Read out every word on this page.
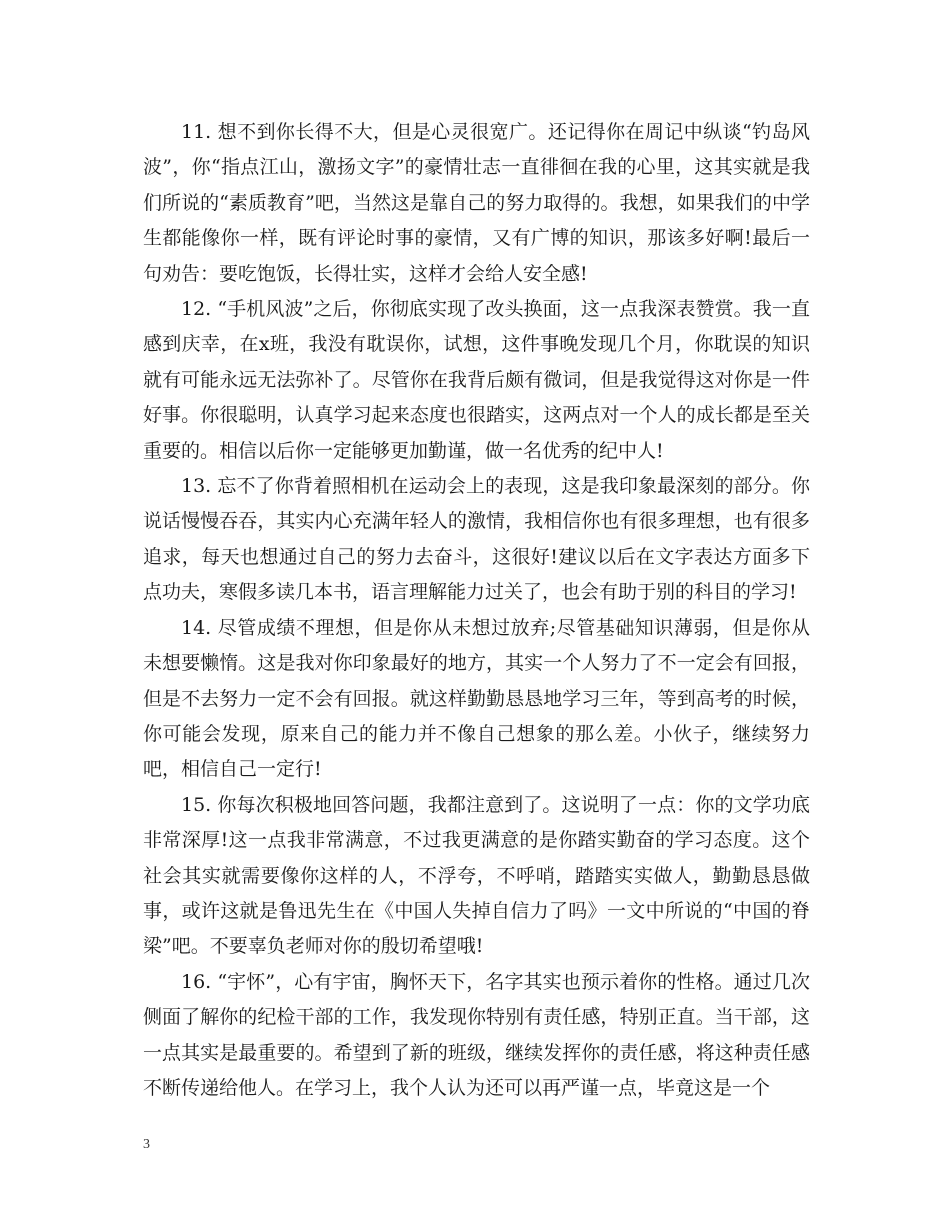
11. 想不到你长得不大，但是心灵很宽广。还记得你在周记中纵谈“钓岛风波”，你“指点江山，激扬文字”的豪情壮志一直徘徊在我的心里，这其实就是我们所说的“素质教育”吧，当然这是靠自己的努力取得的。我想，如果我们的中学生都能像你一样，既有评论时事的豪情，又有广博的知识，那该多好啊!最后一句劝告：要吃饱饭，长得壮实，这样才会给人安全感!

12. “手机风波”之后，你彻底实现了改头换面，这一点我深表赞赏。我一直感到庆幸，在x班，我没有耽误你，试想，这件事晚发现几个月，你耽误的知识就有可能永远无法弥补了。尽管你在我背后颇有微词，但是我觉得这对你是一件好事。你很聪明，认真学习起来态度也很踏实，这两点对一个人的成长都是至关重要的。相信以后你一定能够更加勤谨，做一名优秀的纪中人!

13. 忘不了你背着照相机在运动会上的表现，这是我印象最深刻的部分。你说话慢慢吞吞，其实内心充满年轻人的激情，我相信你也有很多理想，也有很多追求，每天也想通过自己的努力去奋斗，这很好!建议以后在文字表达方面多下点功夫，寒假多读几本书，语言理解能力过关了，也会有助于别的科目的学习!

14. 尽管成绩不理想，但是你从未想过放弃;尽管基础知识薄弱，但是你从未想要懒惰。这是我对你印象最好的地方，其实一个人努力了不一定会有回报，但是不去努力一定不会有回报。就这样勤勤恳恳地学习三年，等到高考的时候，你可能会发现，原来自己的能力并不像自己想象的那么差。小伙子，继续努力吧，相信自己一定行!

15. 你每次积极地回答问题，我都注意到了。这说明了一点：你的文学功底非常深厚!这一点我非常满意，不过我更满意的是你踏实勤奋的学习态度。这个社会其实就需要像你这样的人，不浮夸，不呼哨，踏踏实实做人，勤勤恳恳做事，或许这就是鲁迅先生在《中国人失掉自信力了吗》一文中所说的“中国的脊梁”吧。不要辜负老师对你的殷切希望哦!

16. “宇怀”，心有宇宙，胸怀天下，名字其实也预示着你的性格。通过几次侧面了解你的纪检干部的工作，我发现你特别有责任感，特别正直。当干部，这一点其实是最重要的。希望到了新的班级，继续发挥你的责任感，将这种责任感不断传递给他人。在学习上，我个人认为还可以再严谨一点，毕竟这是一个

3
